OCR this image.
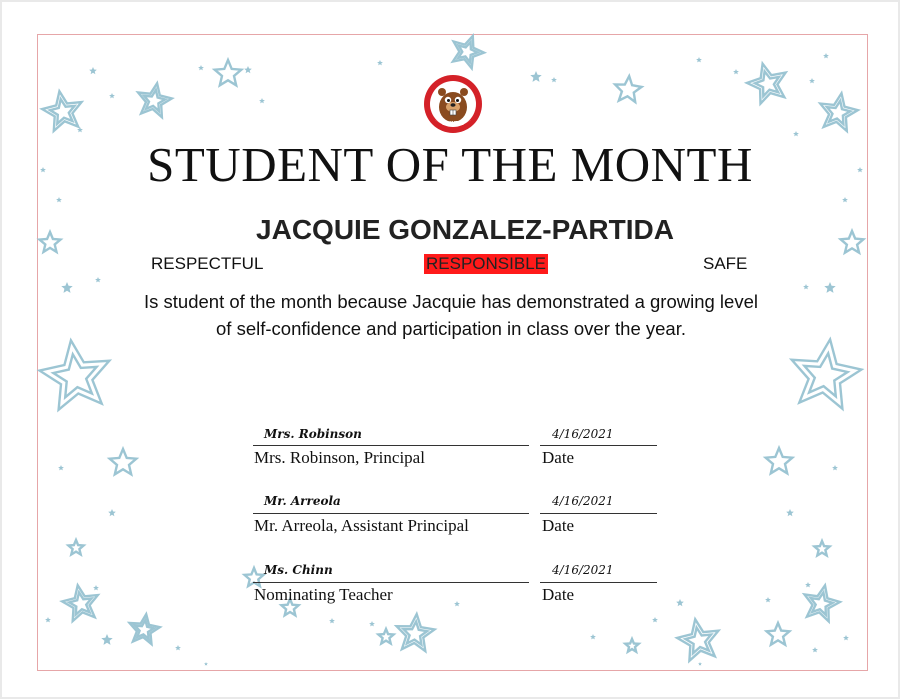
LOWTIE
STUDENT OF THE MONTH
JACQUIE GONZALEZ-PARTIDA
RESPECTFUL	RESPONSIBLE	SAFE
Is student of the month because Jacquie has demonstrated a growing level of self-confidence and participation in class over the year.
Mrs. Robinson	4/16/2021
Mrs. Robinson, Principal	Date
Mr. Arreola	4/16/2021
Mr. Arreola, Assistant Principal	Date
Ms. Chinn	4/16/2021
Nominating Teacher	Date
